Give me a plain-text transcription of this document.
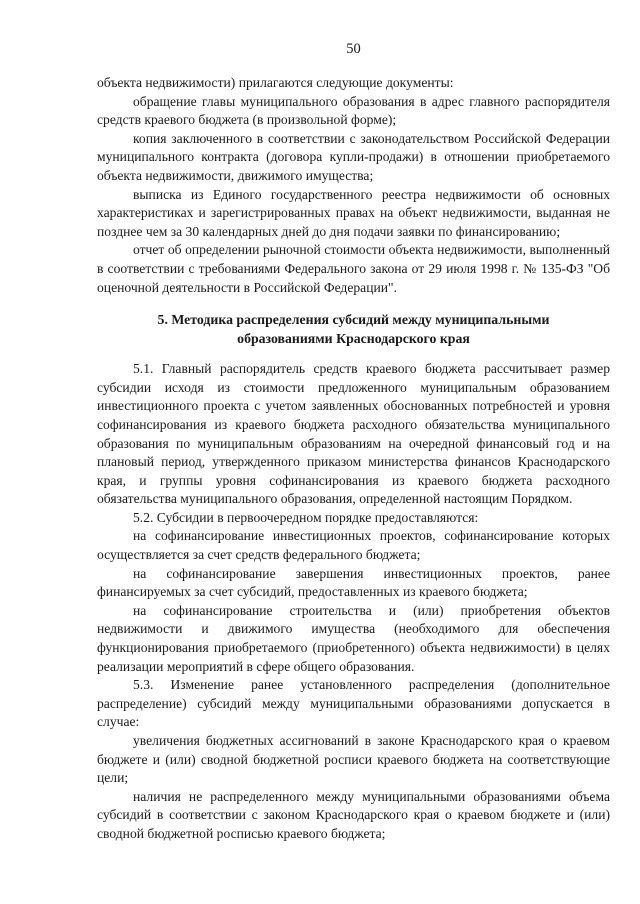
50

объекта недвижимости) прилагаются следующие документы:

обращение главы муниципального образования в адрес главного распорядителя средств краевого бюджета (в произвольной форме);

копия заключенного в соответствии с законодательством Российской Федерации муниципального контракта (договора купли-продажи) в отношении приобретаемого объекта недвижимости, движимого имущества;

выписка из Единого государственного реестра недвижимости об основных характеристиках и зарегистрированных правах на объект недвижимости, выданная не позднее чем за 30 календарных дней до дня подачи заявки по финансированию;

отчет об определении рыночной стоимости объекта недвижимости, выполненный в соответствии с требованиями Федерального закона от 29 июля 1998 г. № 135-ФЗ "Об оценочной деятельности в Российской Федерации".

5. Методика распределения субсидий между муниципальными
образованиями Краснодарского края

5.1. Главный распорядитель средств краевого бюджета рассчитывает размер субсидии исходя из стоимости предложенного муниципальным образованием инвестиционного проекта с учетом заявленных обоснованных потребностей и уровня софинансирования из краевого бюджета расходного обязательства муниципального образования по муниципальным образованиям на очередной финансовый год и на плановый период, утвержденного приказом министерства финансов Краснодарского края, и группы уровня софинансирования из краевого бюджета расходного обязательства муниципального образования, определенной настоящим Порядком.

5.2. Субсидии в первоочередном порядке предоставляются:

на софинансирование инвестиционных проектов, софинансирование которых осуществляется за счет средств федерального бюджета;

на софинансирование завершения инвестиционных проектов, ранее финансируемых за счет субсидий, предоставленных из краевого бюджета;

на софинансирование строительства и (или) приобретения объектов недвижимости и движимого имущества (необходимого для обеспечения функционирования приобретаемого (приобретенного) объекта недвижимости) в целях реализации мероприятий в сфере общего образования.

5.3. Изменение ранее установленного распределения (дополнительное распределение) субсидий между муниципальными образованиями допускается в случае:

увеличения бюджетных ассигнований в законе Краснодарского края о краевом бюджете и (или) сводной бюджетной росписи краевого бюджета на соответствующие цели;

наличия не распределенного между муниципальными образованиями объема субсидий в соответствии с законом Краснодарского края о краевом бюджете и (или) сводной бюджетной росписью краевого бюджета;
